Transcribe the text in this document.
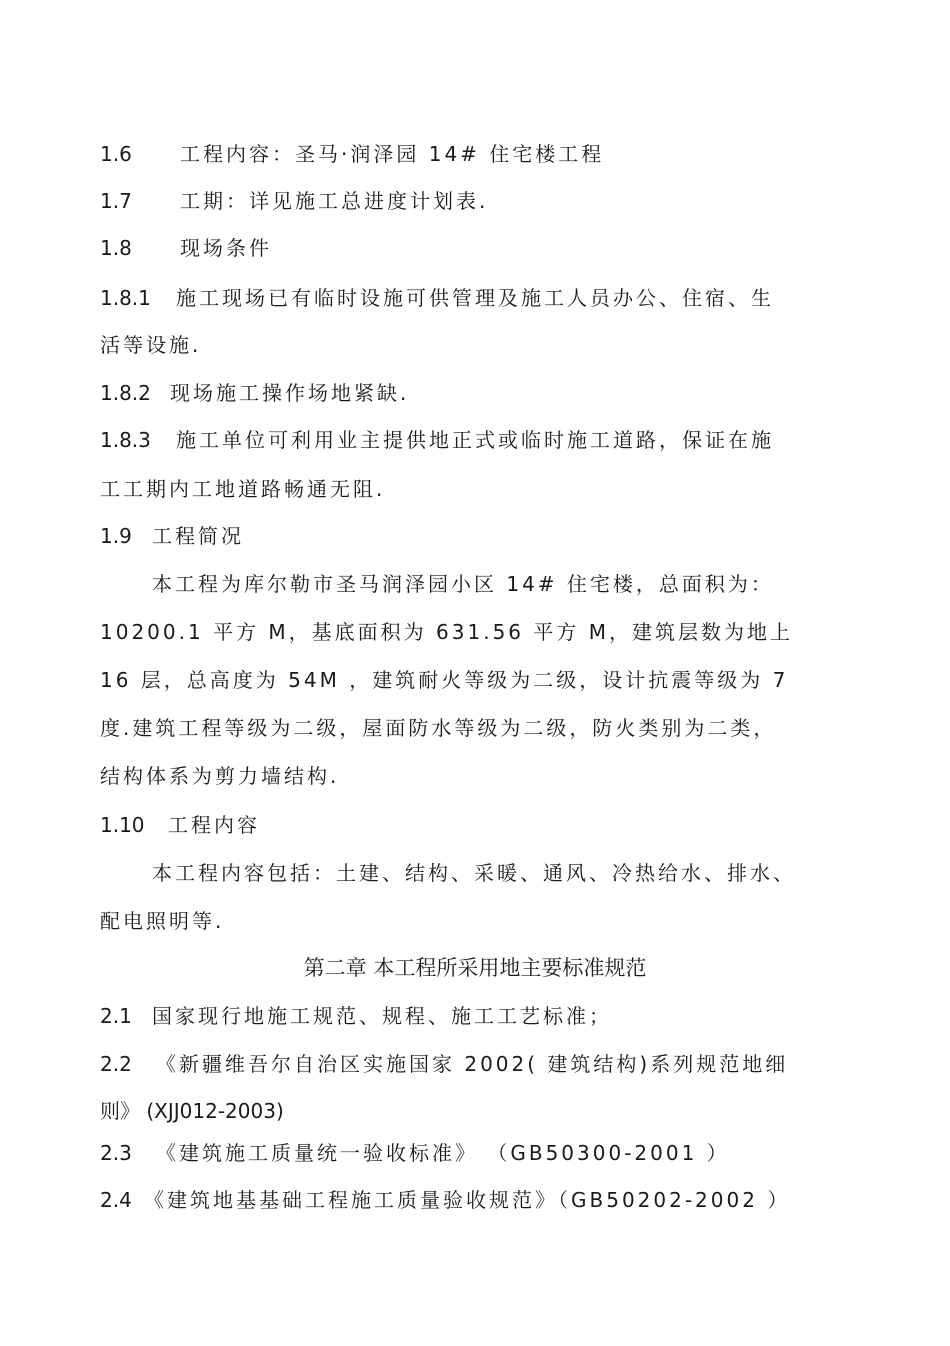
1.6 工程内容：圣马·润泽园 14# 住宅楼工程
1.7 工期：详见施工总进度计划表.
1.8 现场条件
1.8.1 施工现场已有临时设施可供管理及施工人员办公、住宿、生
活等设施.
1.8.2 现场施工操作场地紧缺.
1.8.3 施工单位可利用业主提供地正式或临时施工道路，保证在施
工工期内工地道路畅通无阻.
1.9 工程简况
本工程为库尔勒市圣马润泽园小区 14# 住宅楼，总面积为：
10200.1 平方 M，基底面积为 631.56 平方 M，建筑层数为地上
16 层，总高度为 54M ，建筑耐火等级为二级，设计抗震等级为 7
度.建筑工程等级为二级，屋面防水等级为二级，防火类别为二类，
结构体系为剪力墙结构.
1.10 工程内容
本工程内容包括：土建、结构、采暖、通风、冷热给水、排水、
配电照明等.
第二章 本工程所采用地主要标准规范
2.1 国家现行地施工规范、规程、施工工艺标准；
2.2 《新疆维吾尔自治区实施国家 2002( 建筑结构)系列规范地细
则》 (XJJ012-2003)
2.3 《建筑施工质量统一验收标准》 （GB50300-2001 ）
2.4 《建筑地基基础工程施工质量验收规范》（GB50202-2002 ）
